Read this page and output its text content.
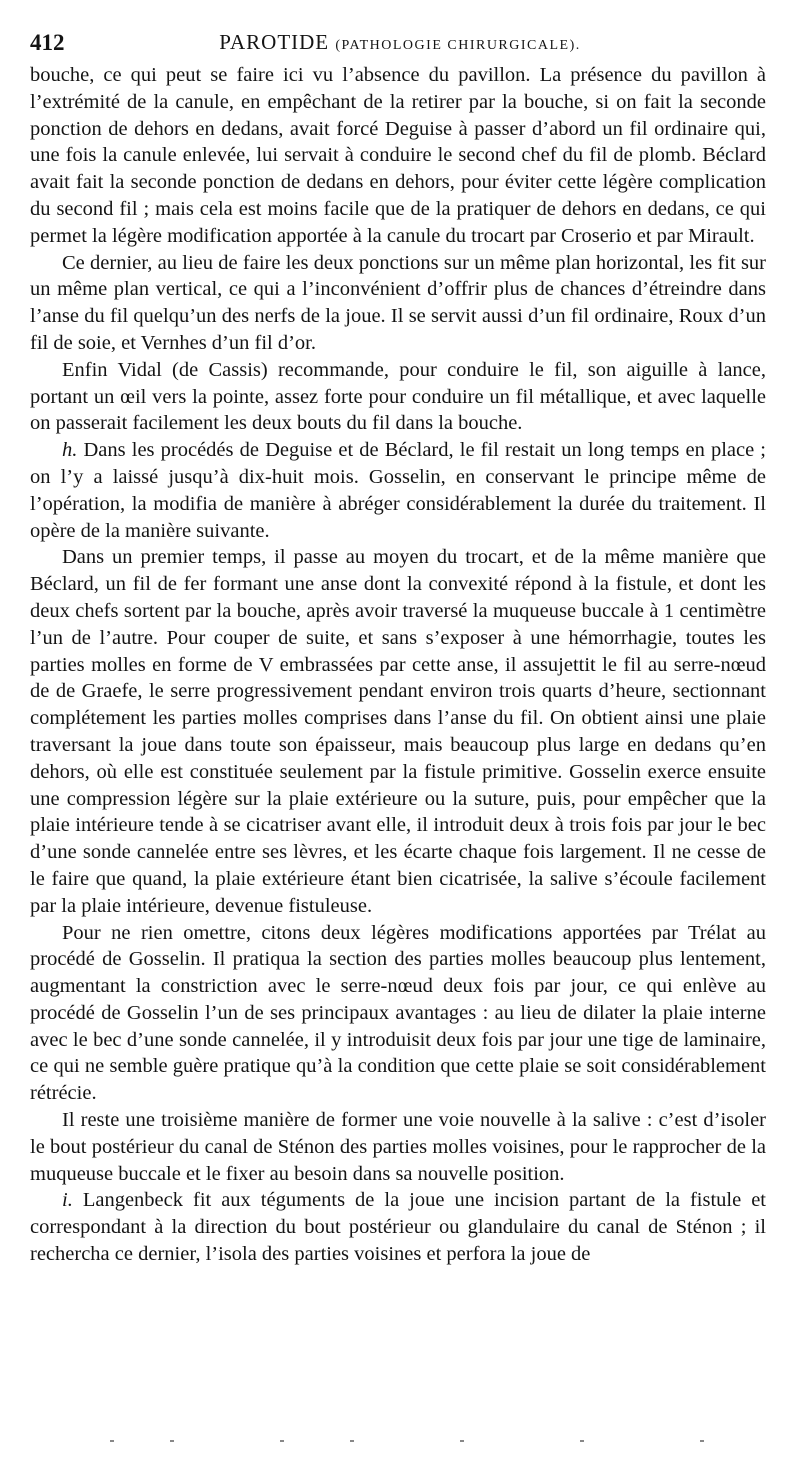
412	PAROTIDE (PATHOLOGIE CHIRURGICALE).

bouche, ce qui peut se faire ici vu l’absence du pavillon. La présence du pavillon à l’extrémité de la canule, en empêchant de la retirer par la bouche, si on fait la seconde ponction de dehors en dedans, avait forcé Deguise à passer d’abord un fil ordinaire qui, une fois la canule enlevée, lui servait à conduire le second chef du fil de plomb. Béclard avait fait la seconde ponction de dedans en dehors, pour éviter cette légère complication du second fil ; mais cela est moins facile que de la pratiquer de dehors en dedans, ce qui permet la légère modification apportée à la canule du trocart par Croserio et par Mirault.

Ce dernier, au lieu de faire les deux ponctions sur un même plan horizontal, les fit sur un même plan vertical, ce qui a l’inconvénient d’offrir plus de chances d’étreindre dans l’anse du fil quelqu’un des nerfs de la joue. Il se servit aussi d’un fil ordinaire, Roux d’un fil de soie, et Vernhes d’un fil d’or.

Enfin Vidal (de Cassis) recommande, pour conduire le fil, son aiguille à lance, portant un œil vers la pointe, assez forte pour conduire un fil métallique, et avec laquelle on passerait facilement les deux bouts du fil dans la bouche.

h. Dans les procédés de Deguise et de Béclard, le fil restait un long temps en place ; on l’y a laissé jusqu’à dix-huit mois. Gosselin, en conservant le principe même de l’opération, la modifia de manière à abréger considérablement la durée du traitement. Il opère de la manière suivante.

Dans un premier temps, il passe au moyen du trocart, et de la même manière que Béclard, un fil de fer formant une anse dont la convexité répond à la fistule, et dont les deux chefs sortent par la bouche, après avoir traversé la muqueuse buccale à 1 centimètre l’un de l’autre. Pour couper de suite, et sans s’exposer à une hémorrhagie, toutes les parties molles en forme de V embrassées par cette anse, il assujettit le fil au serre-nœud de de Graefe, le serre progressivement pendant environ trois quarts d’heure, sectionnant complétement les parties molles comprises dans l’anse du fil. On obtient ainsi une plaie traversant la joue dans toute son épaisseur, mais beaucoup plus large en dedans qu’en dehors, où elle est constituée seulement par la fistule primitive. Gosselin exerce ensuite une compression légère sur la plaie extérieure ou la suture, puis, pour empêcher que la plaie intérieure tende à se cicatriser avant elle, il introduit deux à trois fois par jour le bec d’une sonde cannelée entre ses lèvres, et les écarte chaque fois largement. Il ne cesse de le faire que quand, la plaie extérieure étant bien cicatrisée, la salive s’écoule facilement par la plaie intérieure, devenue fistuleuse.

Pour ne rien omettre, citons deux légères modifications apportées par Trélat au procédé de Gosselin. Il pratiqua la section des parties molles beaucoup plus lentement, augmentant la constriction avec le serre-nœud deux fois par jour, ce qui enlève au procédé de Gosselin l’un de ses principaux avantages : au lieu de dilater la plaie interne avec le bec d’une sonde cannelée, il y introduisit deux fois par jour une tige de laminaire, ce qui ne semble guère pratique qu’à la condition que cette plaie se soit considérablement rétrécie.

Il reste une troisième manière de former une voie nouvelle à la salive : c’est d’isoler le bout postérieur du canal de Sténon des parties molles voisines, pour le rapprocher de la muqueuse buccale et le fixer au besoin dans sa nouvelle position.

i. Langenbeck fit aux téguments de la joue une incision partant de la fistule et correspondant à la direction du bout postérieur ou glandulaire du canal de Sténon ; il rechercha ce dernier, l’isola des parties voisines et perfora la joue de
